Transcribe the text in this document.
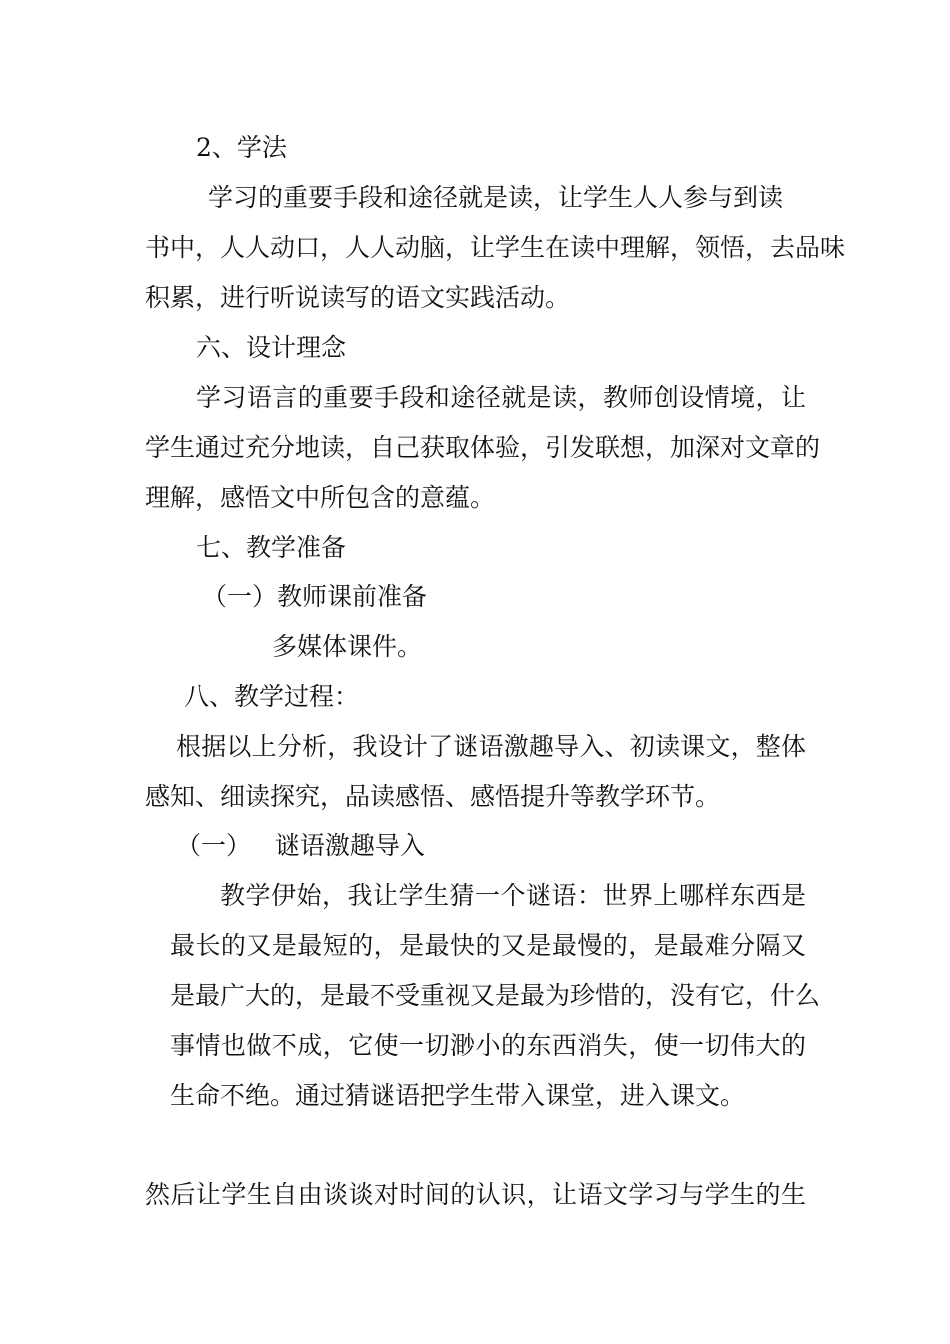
2、学法
学习的重要手段和途径就是读，让学生人人参与到读
书中，人人动口，人人动脑，让学生在读中理解，领悟，去品味
积累，进行听说读写的语文实践活动。
六、设计理念
学习语言的重要手段和途径就是读，教师创设情境，让
学生通过充分地读，自己获取体验，引发联想，加深对文章的
理解，感悟文中所包含的意蕴。
七、教学准备
（一）教师课前准备
多媒体课件。
八、教学过程：
根据以上分析，我设计了谜语激趣导入、初读课文，整体
感知、细读探究，品读感悟、感悟提升等教学环节。
（一）   谜语激趣导入
教学伊始，我让学生猜一个谜语：世界上哪样东西是
最长的又是最短的，是最快的又是最慢的，是最难分隔又
是最广大的，是最不受重视又是最为珍惜的，没有它，什么
事情也做不成，它使一切渺小的东西消失，使一切伟大的
生命不绝。通过猜谜语把学生带入课堂，进入课文。
然后让学生自由谈谈对时间的认识，让语文学习与学生的生
